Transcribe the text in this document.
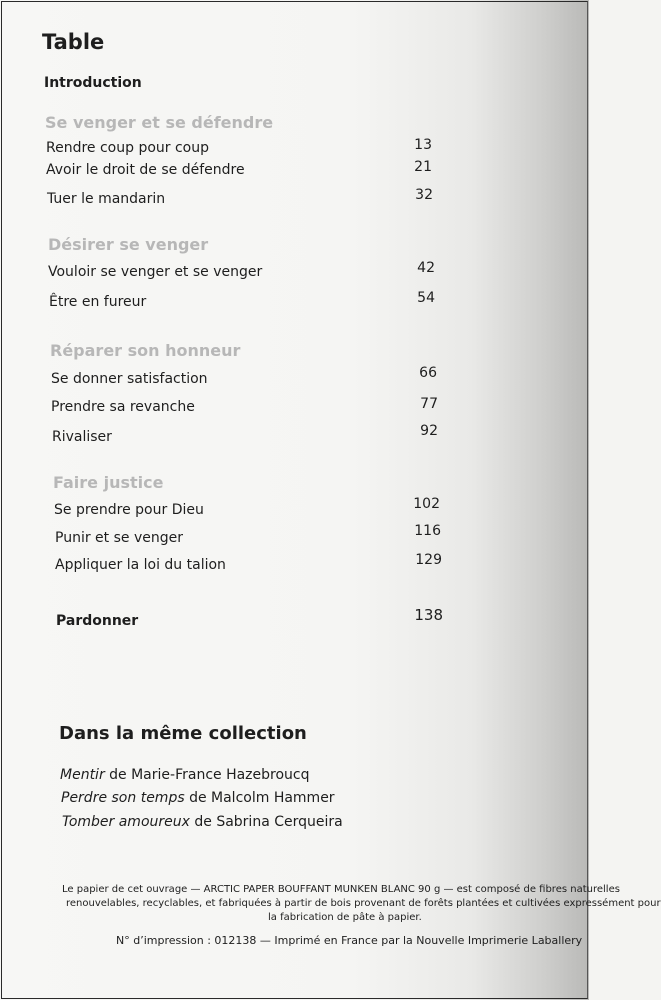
Table
Introduction
Se venger et se défendre
Rendre coup pour coup	13
Avoir le droit de se défendre	21
Tuer le mandarin	32
Désirer se venger
Vouloir se venger et se venger	42
Être en fureur	54
Réparer son honneur
Se donner satisfaction	66
Prendre sa revanche	77
Rivaliser	92
Faire justice
Se prendre pour Dieu	102
Punir et se venger	116
Appliquer la loi du talion	129
Pardonner	138
Dans la même collection
Mentir de Marie-France Hazebroucq
Perdre son temps de Malcolm Hammer
Tomber amoureux de Sabrina Cerqueira
Le papier de cet ouvrage — ARCTIC PAPER BOUFFANT MUNKEN BLANC 90 g — est composé de fibres naturelles
renouvelables, recyclables, et fabriquées à partir de bois provenant de forêts plantées et cultivées expressément pour
la fabrication de pâte à papier.
N° d’impression : 012138 — Imprimé en France par la Nouvelle Imprimerie Laballery
